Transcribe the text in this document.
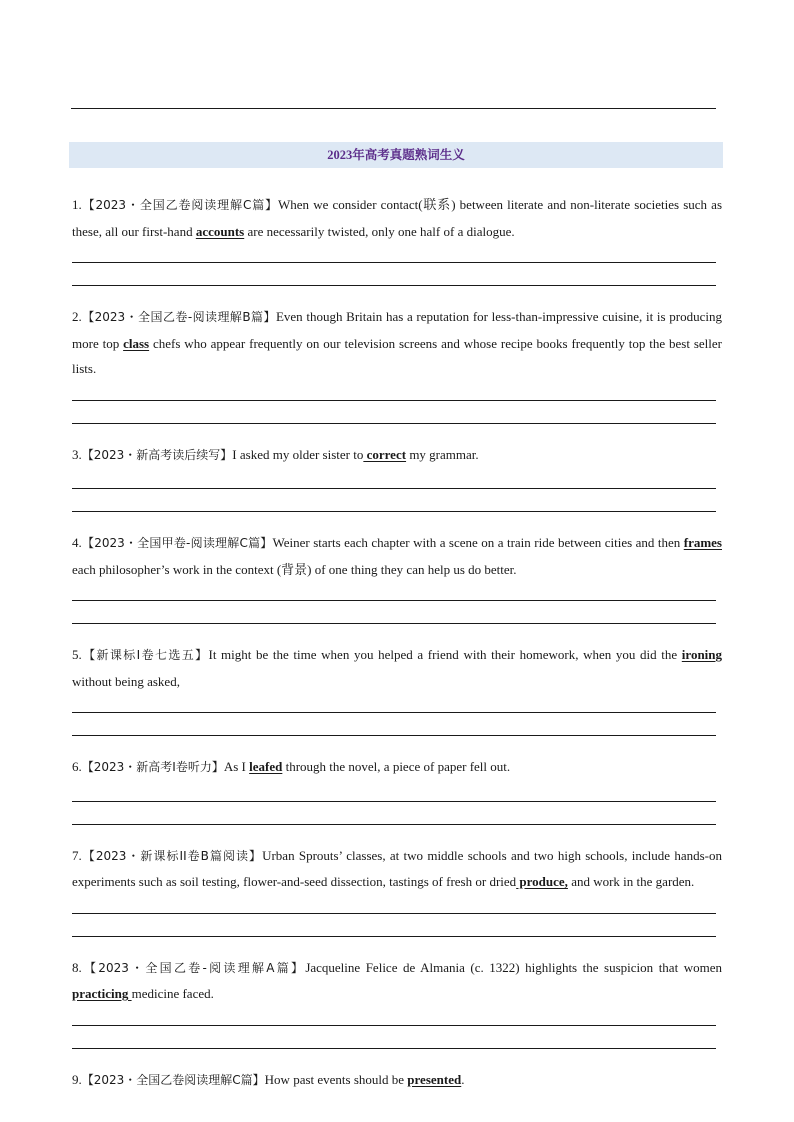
2023年高考真题熟词生义

1.【2023・全国乙卷阅读理解C篇】When we consider contact(联系) between literate and non-literate societies such as these, all our first-hand accounts are necessarily twisted, only one half of a dialogue.

2.【2023・全国乙卷-阅读理解B篇】Even though Britain has a reputation for less-than-impressive cuisine, it is producing more top class chefs who appear frequently on our television screens and whose recipe books frequently top the best seller lists.

3.【2023・新高考读后续写】I asked my older sister to correct my grammar.

4.【2023・全国甲卷-阅读理解C篇】Weiner starts each chapter with a scene on a train ride between cities and then frames each philosopher’s work in the context (背景) of one thing they can help us do better.

5.【新课标I卷七选五】It might be the time when you helped a friend with their homework, when you did the ironing without being asked,

6.【2023・新高考I卷听力】As I leafed through the novel, a piece of paper fell out.

7.【2023・新课标II卷B篇阅读】Urban Sprouts’ classes, at two middle schools and two high schools, include hands-on experiments such as soil testing, flower-and-seed dissection, tastings of fresh or dried produce, and work in the garden.

8.【2023・全国乙卷-阅读理解A篇】Jacqueline Felice de Almania (c. 1322) highlights the suspicion that women practicing medicine faced.

9.【2023・全国乙卷阅读理解C篇】How past events should be presented.
